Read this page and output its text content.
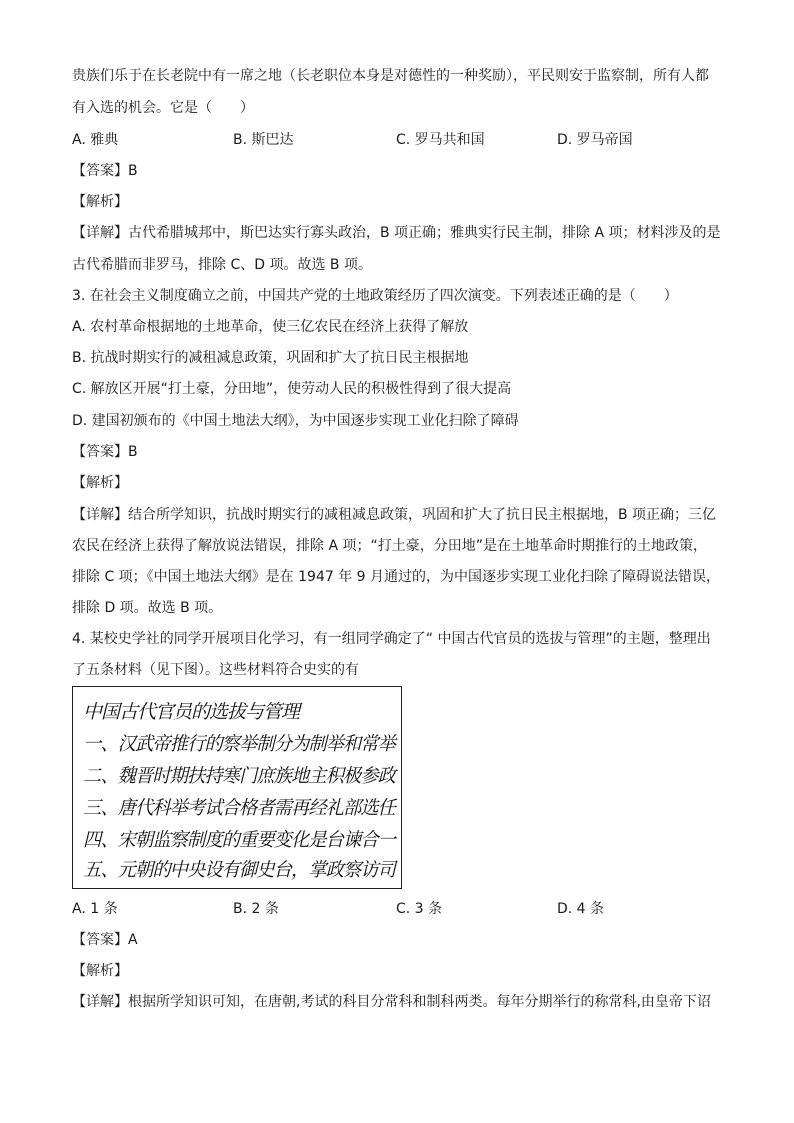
贵族们乐于在长老院中有一席之地（长老职位本身是对德性的一种奖励），平民则安于监察制，所有人都
有入选的机会。它是（　　）
A. 雅典	B. 斯巴达	C. 罗马共和国	D. 罗马帝国
【答案】B
【解析】
【详解】古代希腊城邦中，斯巴达实行寡头政治，B 项正确；雅典实行民主制，排除 A 项；材料涉及的是
古代希腊而非罗马，排除 C、D 项。故选 B 项。
3. 在社会主义制度确立之前，中国共产党的土地政策经历了四次演变。下列表述正确的是（　　）
A. 农村革命根据地的土地革命，使三亿农民在经济上获得了解放
B. 抗战时期实行的减租减息政策，巩固和扩大了抗日民主根据地
C. 解放区开展“打土豪，分田地”，使劳动人民的积极性得到了很大提高
D. 建国初颁布的《中国土地法大纲》，为中国逐步实现工业化扫除了障碍
【答案】B
【解析】
【详解】结合所学知识，抗战时期实行的减租减息政策，巩固和扩大了抗日民主根据地，B 项正确；三亿
农民在经济上获得了解放说法错误，排除 A 项；“打土豪，分田地”是在土地革命时期推行的土地政策，
排除 C 项；《中国土地法大纲》是在 1947 年 9 月通过的，为中国逐步实现工业化扫除了障碍说法错误，
排除 D 项。故选 B 项。
4. 某校史学社的同学开展项目化学习，有一组同学确定了“ 中国古代官员的选拔与管理”的主题，整理出
了五条材料（见下图）。这些材料符合史实的有
中国古代官员的选拔与管理
一、汉武帝推行的察举制分为制举和常举
二、魏晋时期扶持寒门庶族地主积极参政
三、唐代科举考试合格者需再经礼部选任
四、宋朝监察制度的重要变化是台谏合一
五、元朝的中央设有御史台，掌政察访司
A. 1 条	B. 2 条	C. 3 条	D. 4 条
【答案】A
【解析】
【详解】根据所学知识可知，在唐朝,考试的科目分常科和制科两类。每年分期举行的称常科,由皇帝下诏
